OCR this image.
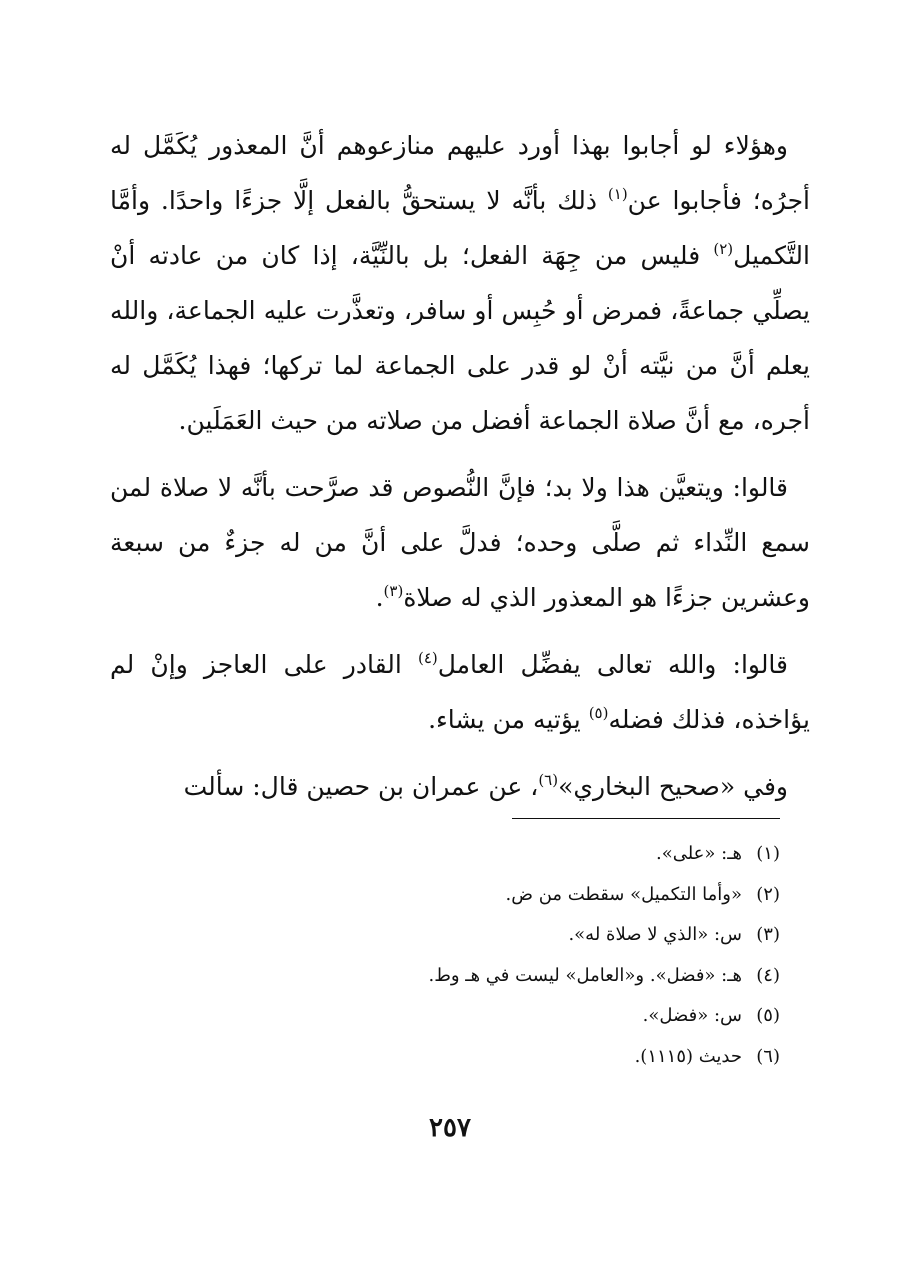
وهؤلاء لو أجابوا بهذا أورد عليهم منازعوهم أنَّ المعذور يُكَمَّل له أجرُه؛ فأجابوا عن$^{(١)}$ ذلك بأنَّه لا يستحقُّ بالفعل إلَّا جزءًا واحدًا. وأمَّا التَّكميل$^{(٢)}$ فليس من جِهَة الفعل؛ بل بالنِّيَّة، إذا كان من عادته أنْ يصلِّي جماعةً، فمرض أو حُبِس أو سافر، وتعذَّرت عليه الجماعة، والله يعلم أنَّ من نيَّته أنْ لو قدر على الجماعة لما تركها؛ فهذا يُكَمَّل له أجره، مع أنَّ صلاة الجماعة أفضل من صلاته من حيث العَمَلَين.

قالوا: ويتعيَّن هذا ولا بد؛ فإنَّ النُّصوص قد صرَّحت بأنَّه لا صلاة لمن سمع النِّداء ثم صلَّى وحده؛ فدلَّ على أنَّ من له جزءٌ من سبعة وعشرين جزءًا هو المعذور الذي له صلاة$^{(٣)}$.

قالوا: والله تعالى يفضِّل العامل$^{(٤)}$ القادر على العاجز وإنْ لم يؤاخذه، فذلك فضله$^{(٥)}$ يؤتيه من يشاء.

وفي «صحيح البخاري»$^{(٦)}$، عن عمران بن حصين قال: سألت

(١)هـ: «على».
(٢)«وأما التكميل» سقطت من ض.
(٣)س: «الذي لا صلاة له».
(٤)هـ: «فضل». و«العامل» ليست في هـ وط.
(٥)س: «فضل».
(٦)حديث (١١١٥).
٢٥٧
